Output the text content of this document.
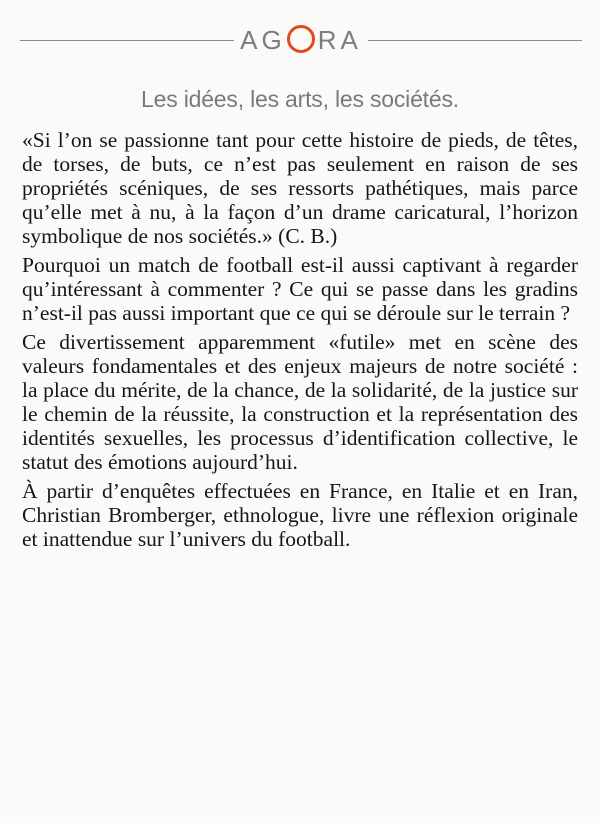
AG RA
Les idées, les arts, les sociétés.

«Si l’on se passionne tant pour cette histoire de pieds, de têtes, de torses, de buts, ce n’est pas seulement en raison de ses propriétés scéniques, de ses ressorts pathétiques, mais parce qu’elle met à nu, à la façon d’un drame caricatural, l’horizon symbolique de nos sociétés.» (C. B.)

Pourquoi un match de football est-il aussi captivant à regarder qu’intéressant à commenter ? Ce qui se passe dans les gradins n’est-il pas aussi important que ce qui se déroule sur le terrain ?

Ce divertissement apparemment «futile» met en scène des valeurs fondamentales et des enjeux majeurs de notre société : la place du mérite, de la chance, de la solidarité, de la justice sur le chemin de la réussite, la construction et la représentation des identités sexuelles, les processus d’identification collective, le statut des émotions aujourd’hui.

À partir d’enquêtes effectuées en France, en Italie et en Iran, Christian Bromberger, ethnologue, livre une réflexion originale et inattendue sur l’univers du football.
